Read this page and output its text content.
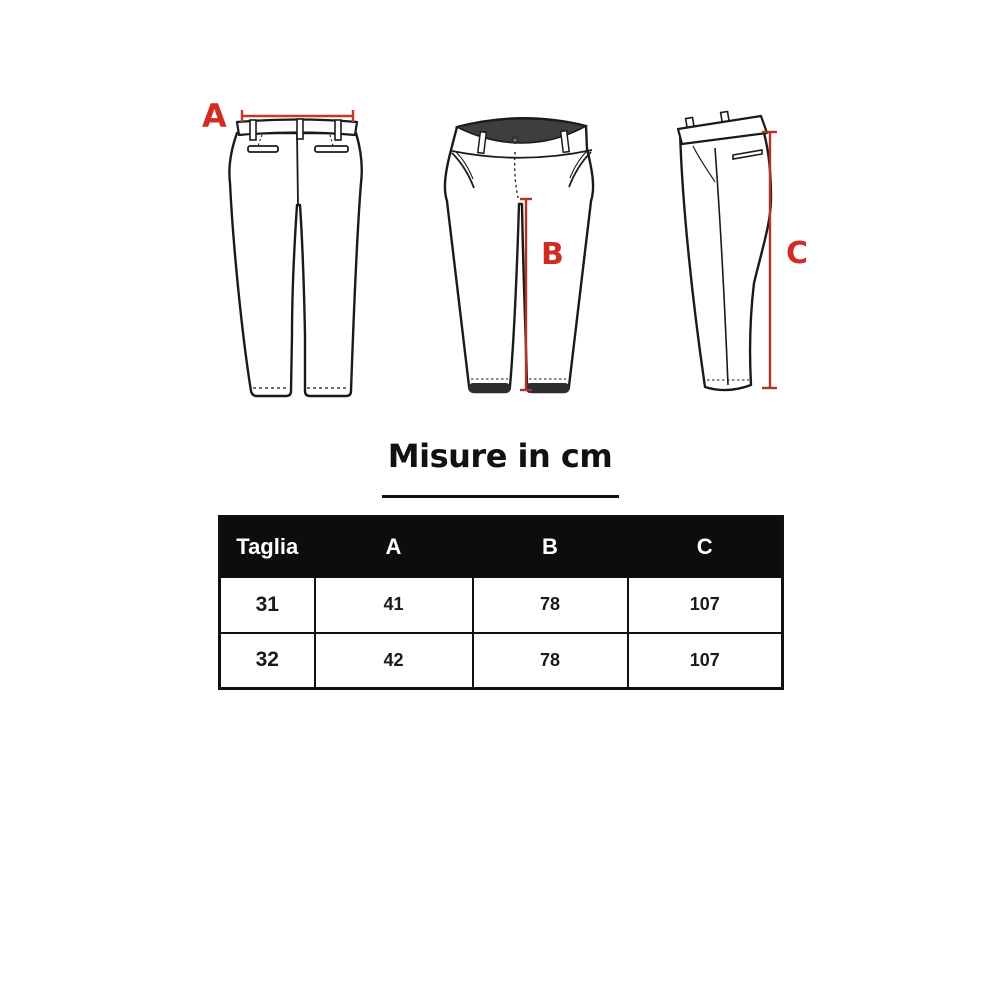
A
B	C
Misure in cm
Taglia	A	B	C
31	41	78	107
32	42	78	107
